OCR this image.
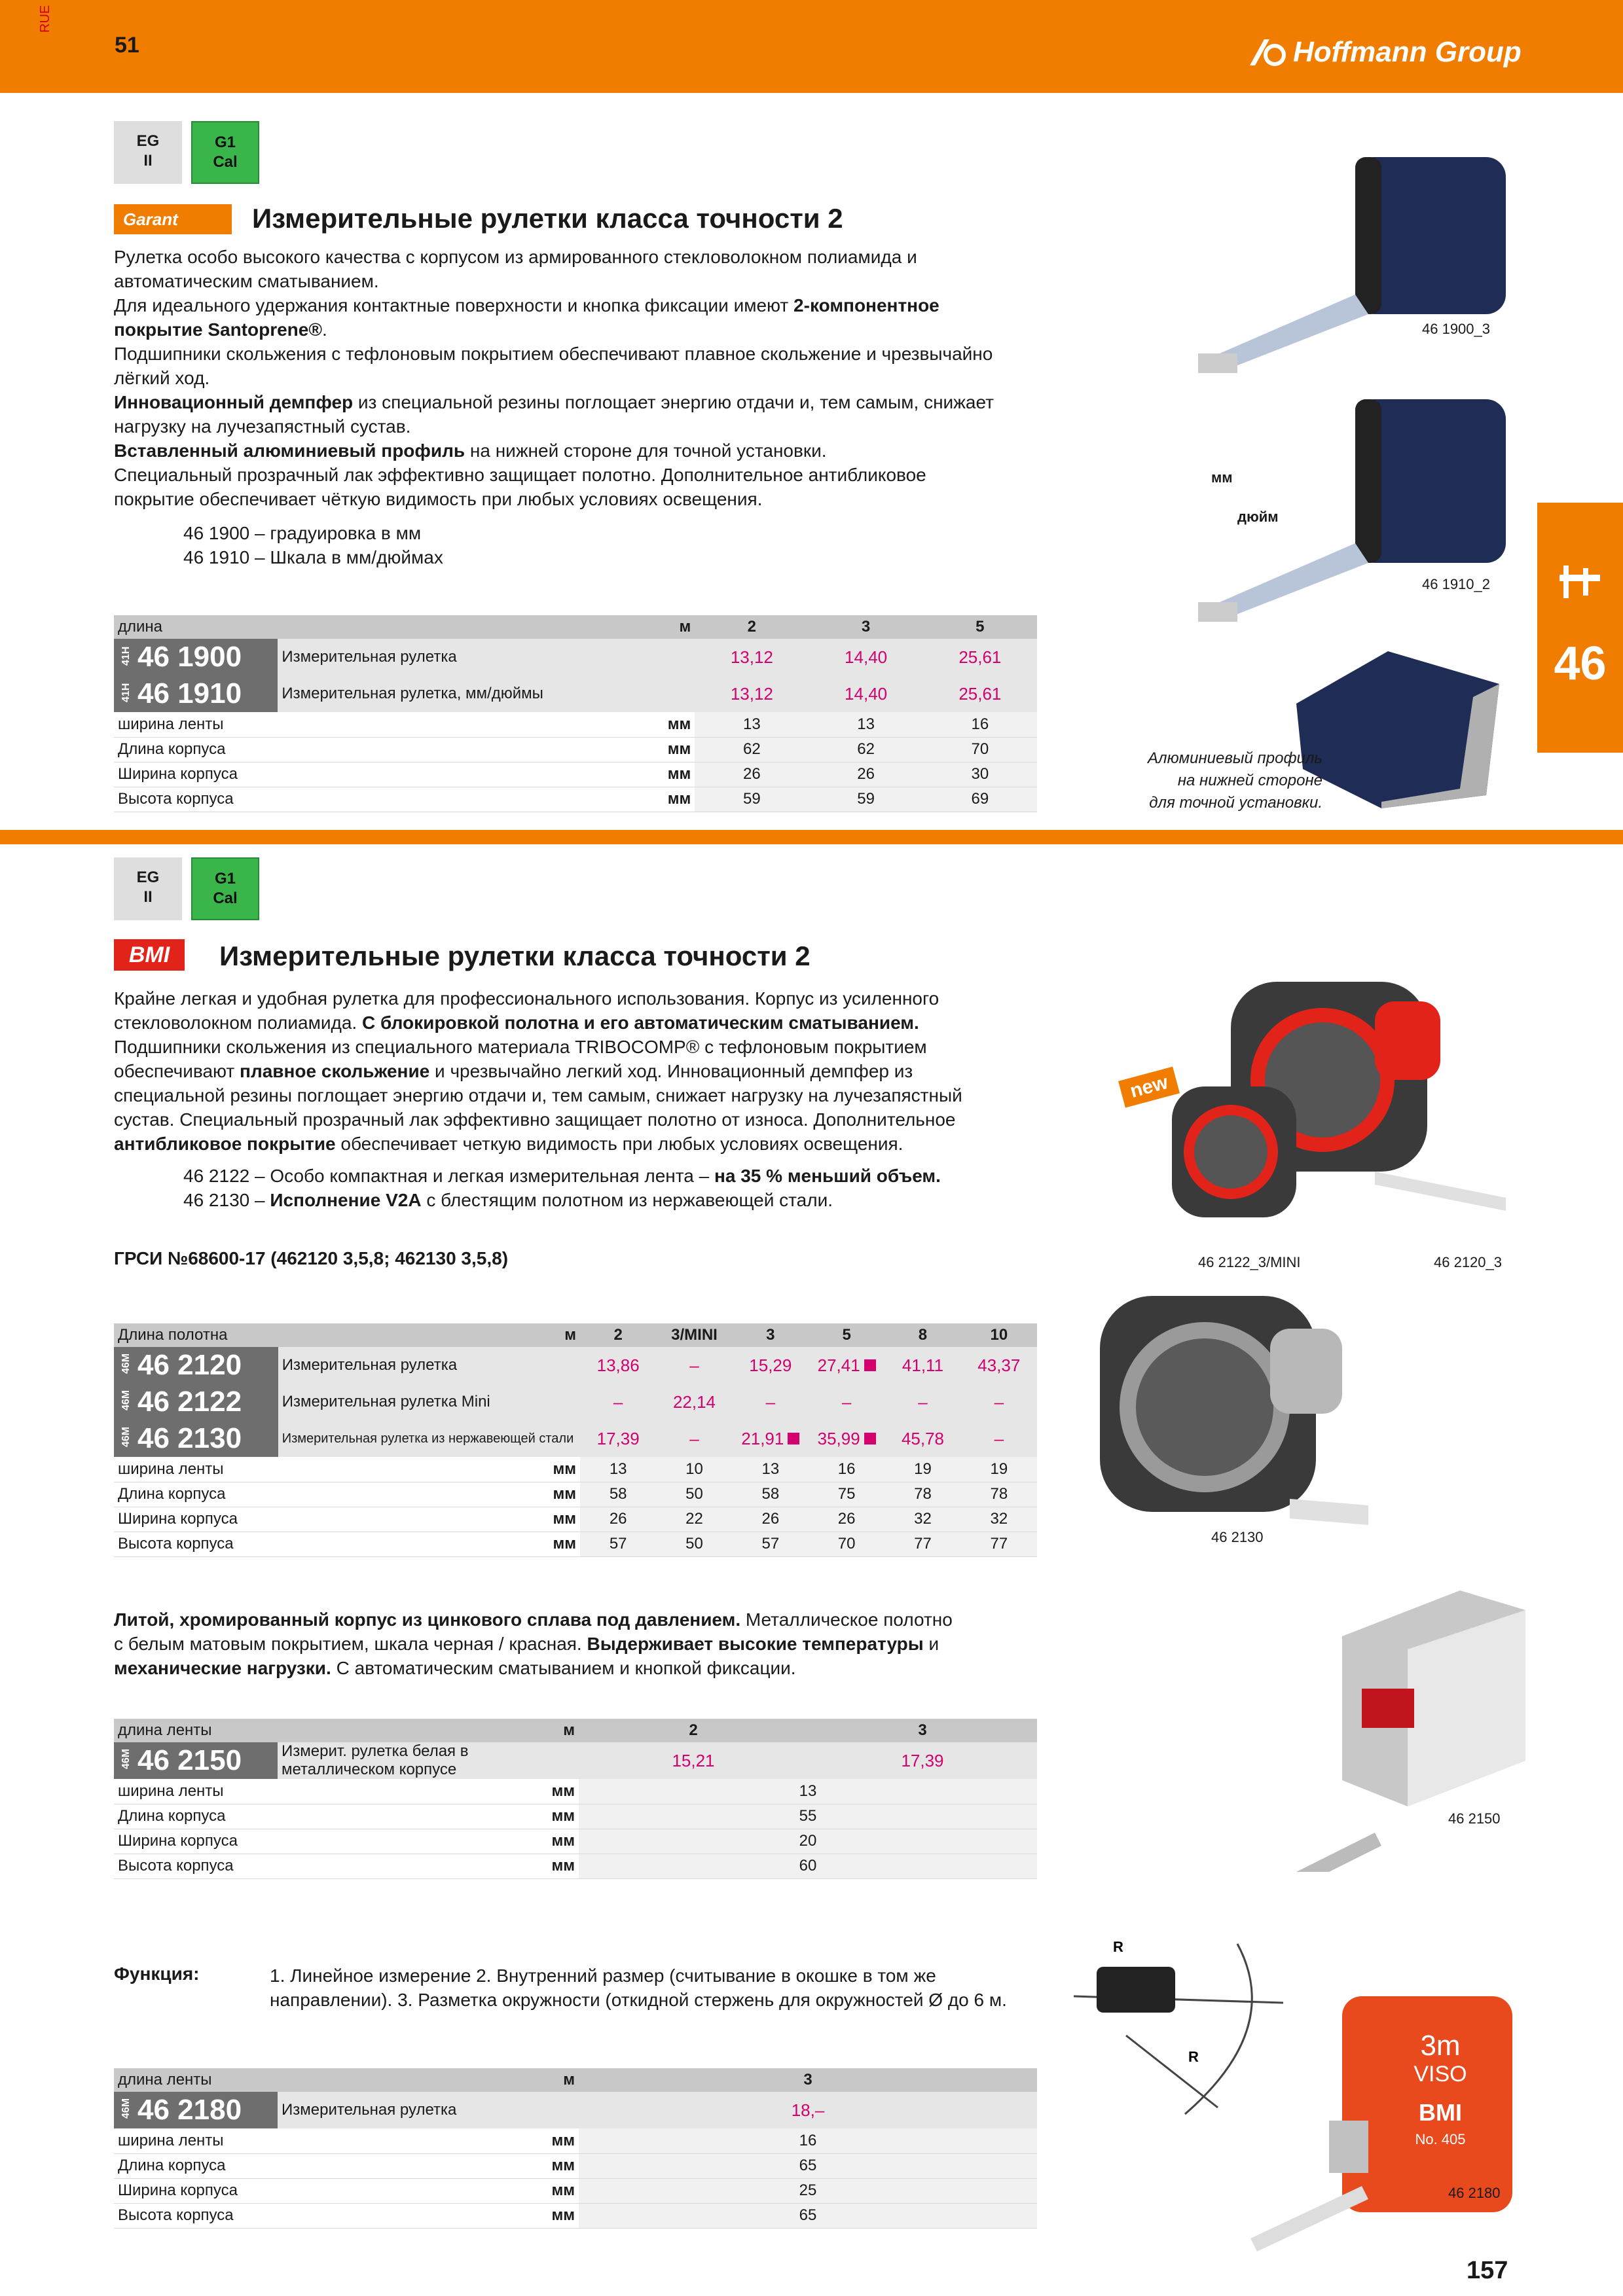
RUE
51	Hoffmann Group
46
EG
II
G1
Cal
Garant	Измерительные рулетки класса точности 2
Рулетка особо высокого качества с корпусом из армированного стекловолокном полиамида и
автоматическим сматыванием.
Для идеального удержания контактные поверхности и кнопка фиксации имеют 2-компонентное
покрытие Santoprene®.
Подшипники скольжения с тефлоновым покрытием обеспечивают плавное скольжение и чрезвычайно
лёгкий ход.
Инновационный демпфер из специальной резины поглощает энергию отдачи и, тем самым, снижает
нагрузку на лучезапястный сустав.
Вставленный алюминиевый профиль на нижней стороне для точной установки.
Специальный прозрачный лак эффективно защищает полотно. Дополнительное антибликовое
покрытие обеспечивает чёткую видимость при любых условиях освещения.
46 1900 – градуировка в мм
46 1910 – Шкала в мм/дюймах
длина	м	2	3	5
41H 46 1900	Измерительная рулетка	13,12	14,40	25,61
41H 46 1910	Измерительная рулетка, мм/дюймы	13,12	14,40	25,61
ширина ленты	мм	13	13	16
Длина корпуса	мм	62	62	70
Ширина корпуса	мм	26	26	30
Высота корпуса	мм	59	59	69
46 1900_3
мм
дюйм
46 1910_2
Алюминиевый профиль
на нижней стороне
для точной установки.
EG
II
G1
Cal
BMI	Измерительные рулетки класса точности 2
Крайне легкая и удобная рулетка для профессионального использования. Корпус из усиленного
стекловолокном полиамида. С блокировкой полотна и его автоматическим сматыванием.
Подшипники скольжения из специального материала TRIBOCOMP® с тефлоновым покрытием
обеспечивают плавное скольжение и чрезвычайно легкий ход. Инновационный демпфер из
специальной резины поглощает энергию отдачи и, тем самым, снижает нагрузку на лучезапястный
сустав. Специальный прозрачный лак эффективно защищает полотно от износа. Дополнительное
антибликовое покрытие обеспечивает четкую видимость при любых условиях освещения.
46 2122 – Особо компактная и легкая измерительная лента – на 35 % меньший объем.
46 2130 – Исполнение V2A с блестящим полотном из нержавеющей стали.
ГРСИ №68600-17 (462120 3,5,8; 462130 3,5,8)
Длина полотна	м	2	3/MINI	3	5	8	10
46M 46 2120	Измерительная рулетка	13,86	–	15,29	27,41	41,11	43,37
46M 46 2122	Измерительная рулетка Mini	–	22,14	–	–	–	–
46M 46 2130	Измерительная рулетка из нержавеющей стали	17,39	–	21,91	35,99	45,78	–
ширина ленты	мм	13	10	13	16	19	19
Длина корпуса	мм	58	50	58	75	78	78
Ширина корпуса	мм	26	22	26	26	32	32
Высота корпуса	мм	57	50	57	70	77	77
new
46 2122_3/MINI	46 2120_3
46 2130
Литой, хромированный корпус из цинкового сплава под давлением. Металлическое полотно
с белым матовым покрытием, шкала черная / красная. Выдерживает высокие температуры и
механические нагрузки. С автоматическим сматыванием и кнопкой фиксации.
длина ленты	м	2	3
46M 46 2150	Измерит. рулетка белая в металлическом корпусе	15,21	17,39
ширина ленты	мм	13	
Длина корпуса	мм	55	
Ширина корпуса	мм	20	
Высота корпуса	мм	60	
46 2150
Функция:	1. Линейное измерение 2. Внутренний размер (считывание в окошке в том же
направлении). 3. Разметка окружности (откидной стержень для окружностей Ø до 6 м.
длина ленты	м	3
46M 46 2180	Измерительная рулетка	18,–
ширина ленты	мм	16
Длина корпуса	мм	65
Ширина корпуса	мм	25
Высота корпуса	мм	65
R
R	3m
VISO
BMI
No. 405
46 2180
157
